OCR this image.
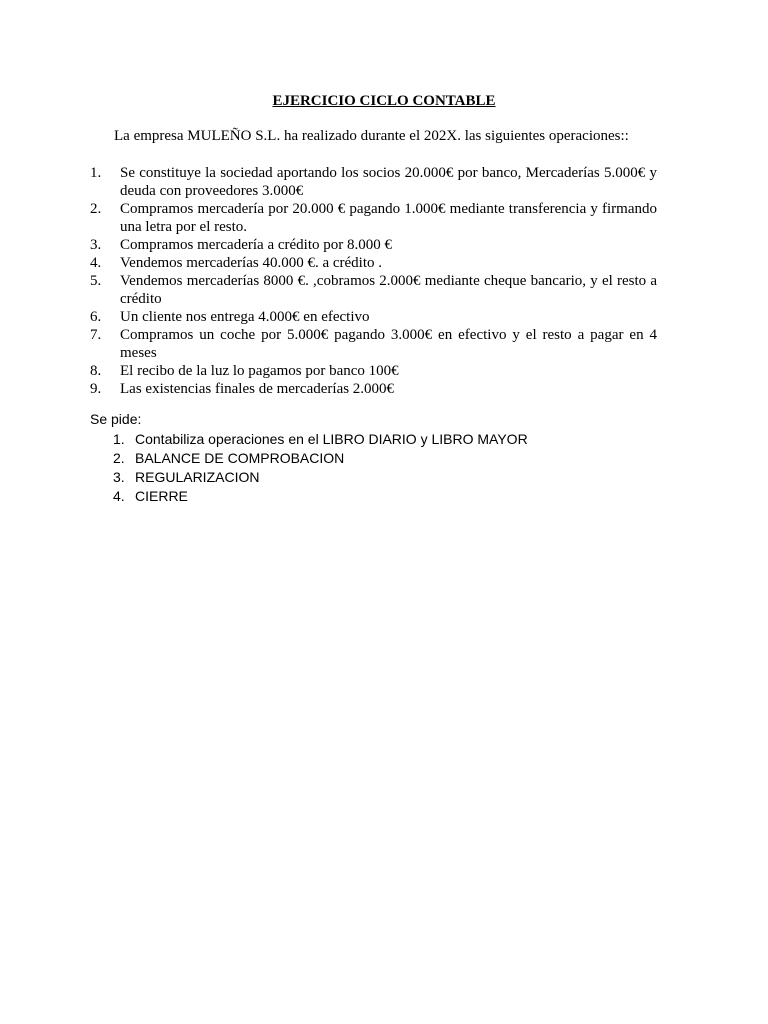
EJERCICIO CICLO CONTABLE
La empresa MULEÑO S.L. ha realizado durante el 202X. las siguientes operaciones::
1.	Se constituye la sociedad aportando los socios 20.000€ por banco, Mercaderías 5.000€ y deuda con proveedores 3.000€
2.	Compramos mercadería por 20.000 € pagando 1.000€ mediante transferencia y firmando una letra por el resto.
3.	Compramos mercadería a crédito por 8.000 €
4.	Vendemos mercaderías 40.000 €. a crédito .
5.	Vendemos mercaderías 8000 €. ,cobramos 2.000€ mediante cheque bancario, y el resto a crédito
6.	Un cliente nos entrega 4.000€ en efectivo
7.	Compramos un coche por 5.000€ pagando 3.000€ en efectivo y el resto a pagar en 4 meses
8.	El recibo de la luz lo pagamos por banco 100€
9.	Las existencias finales de mercaderías 2.000€
Se pide:
1. Contabiliza operaciones en el LIBRO DIARIO y LIBRO MAYOR
2. BALANCE DE COMPROBACION
3. REGULARIZACION
4. CIERRE
